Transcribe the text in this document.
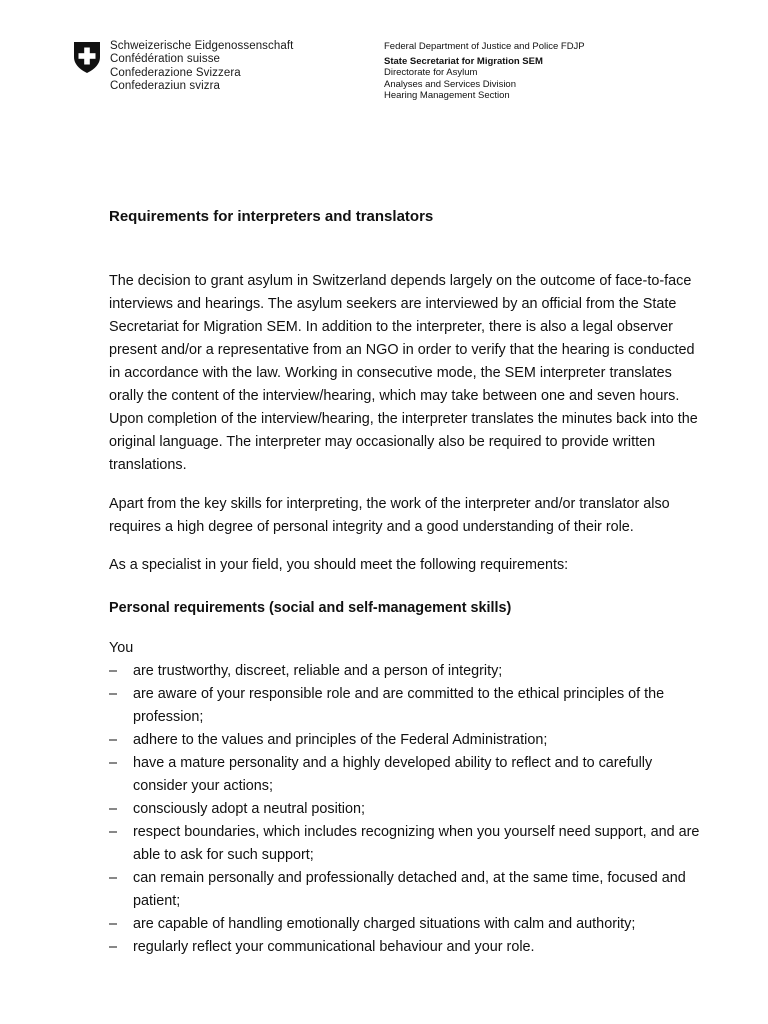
Schweizerische Eidgenossenschaft
Confédération suisse
Confederazione Svizzera
Confederaziun svizra
Federal Department of Justice and Police FDJP
State Secretariat for Migration SEM
Directorate for Asylum
Analyses and Services Division
Hearing Management Section
Requirements for interpreters and translators

The decision to grant asylum in Switzerland depends largely on the outcome of face-to-face interviews and hearings. The asylum seekers are interviewed by an official from the State Secretariat for Migration SEM. In addition to the interpreter, there is also a legal observer present and/or a representative from an NGO in order to verify that the hearing is conducted in accordance with the law. Working in consecutive mode, the SEM interpreter translates orally the content of the interview/hearing, which may take between one and seven hours. Upon completion of the interview/hearing, the interpreter translates the minutes back into the original language. The interpreter may occasionally also be required to provide written translations.

Apart from the key skills for interpreting, the work of the interpreter and/or translator also requires a high degree of personal integrity and a good understanding of their role.

As a specialist in your field, you should meet the following requirements:

Personal requirements (social and self-management skills)

You
– are trustworthy, discreet, reliable and a person of integrity;
– are aware of your responsible role and are committed to the ethical principles of the profession;
– adhere to the values and principles of the Federal Administration;
– have a mature personality and a highly developed ability to reflect and to carefully consider your actions;
– consciously adopt a neutral position;
– respect boundaries, which includes recognizing when you yourself need support, and are able to ask for such support;
– can remain personally and professionally detached and, at the same time, focused and patient;
– are capable of handling emotionally charged situations with calm and authority;
– regularly reflect your communicational behaviour and your role.
